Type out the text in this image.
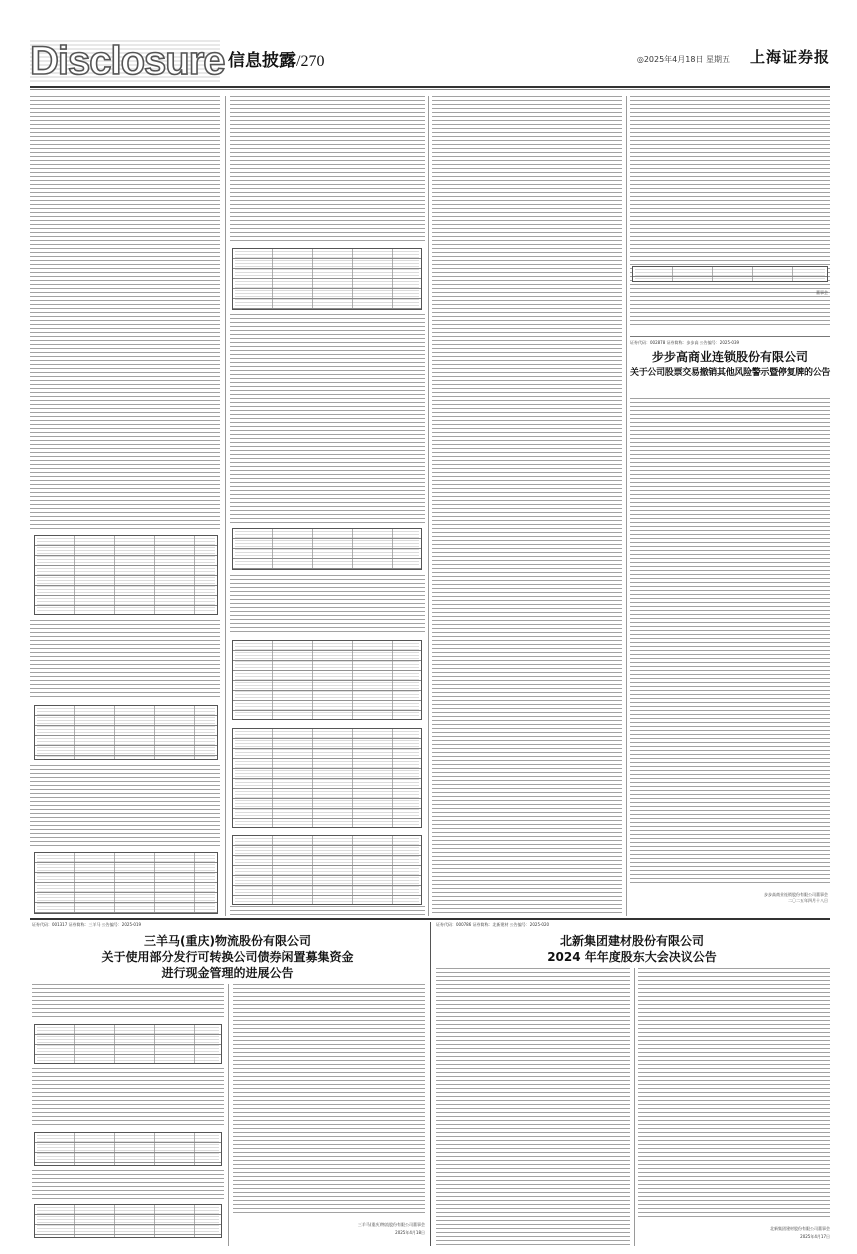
Disclosure 信息披露/270	◎2025年4月18日 星期五 上海证券报
董事会
证券代码：002878 证券简称：步步高 公告编号：2025-039
步步高商业连锁股份有限公司
关于公司股票交易撤销其他风险警示暨停复牌的公告
步步高商业连锁股份有限公司董事会
二〇二五年四月十八日
证券代码：001317 证券简称：三羊马 公告编号：2025-019
三羊马(重庆)物流股份有限公司
关于使用部分发行可转换公司债券闲置募集资金
进行现金管理的进展公告
三羊马(重庆)物流股份有限公司董事会
2025年4月18日
证券代码：000786 证券简称：北新建材 公告编号：2025-020
北新集团建材股份有限公司
2024 年年度股东大会决议公告
北新集团建材股份有限公司董事会
2025年4月17日
